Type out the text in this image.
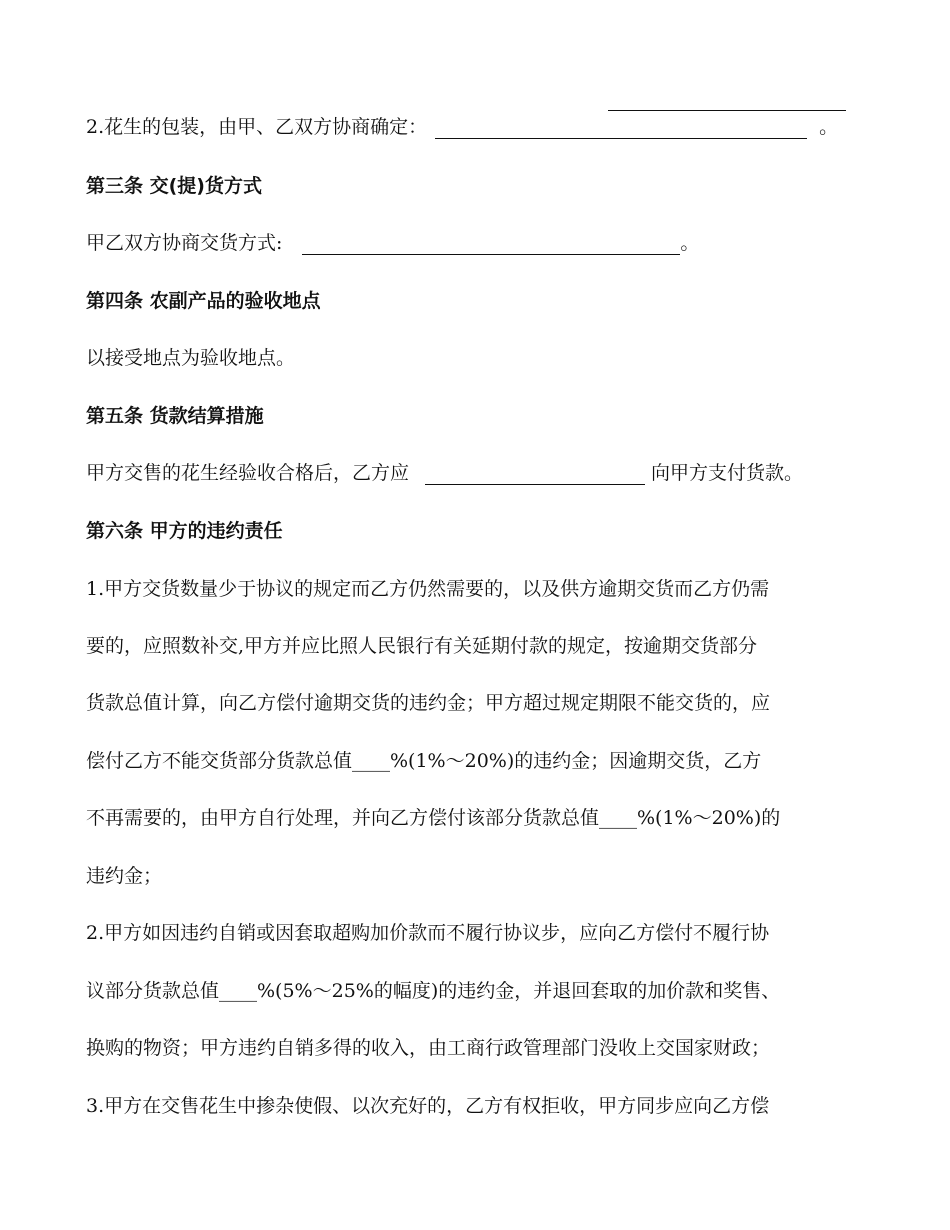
2.花生的包装，由甲、乙双方协商确定：	。
第三条 交(提)货方式
甲乙双方协商交货方式:	。
第四条 农副产品的验收地点
以接受地点为验收地点。
第五条 货款结算措施
甲方交售的花生经验收合格后，乙方应	向甲方支付货款。
第六条 甲方的违约责任
1.甲方交货数量少于协议的规定而乙方仍然需要的，以及供方逾期交货而乙方仍需
要的，应照数补交,甲方并应比照人民银行有关延期付款的规定，按逾期交货部分
货款总值计算，向乙方偿付逾期交货的违约金；甲方超过规定期限不能交货的，应
偿付乙方不能交货部分货款总值____%(1%～20%)的违约金；因逾期交货，乙方
不再需要的，由甲方自行处理，并向乙方偿付该部分货款总值____%(1%～20%)的
违约金；
2.甲方如因违约自销或因套取超购加价款而不履行协议步，应向乙方偿付不履行协
议部分货款总值____%(5%～25%的幅度)的违约金，并退回套取的加价款和奖售、
换购的物资；甲方违约自销多得的收入，由工商行政管理部门没收上交国家财政；
3.甲方在交售花生中掺杂使假、以次充好的，乙方有权拒收，甲方同步应向乙方偿
